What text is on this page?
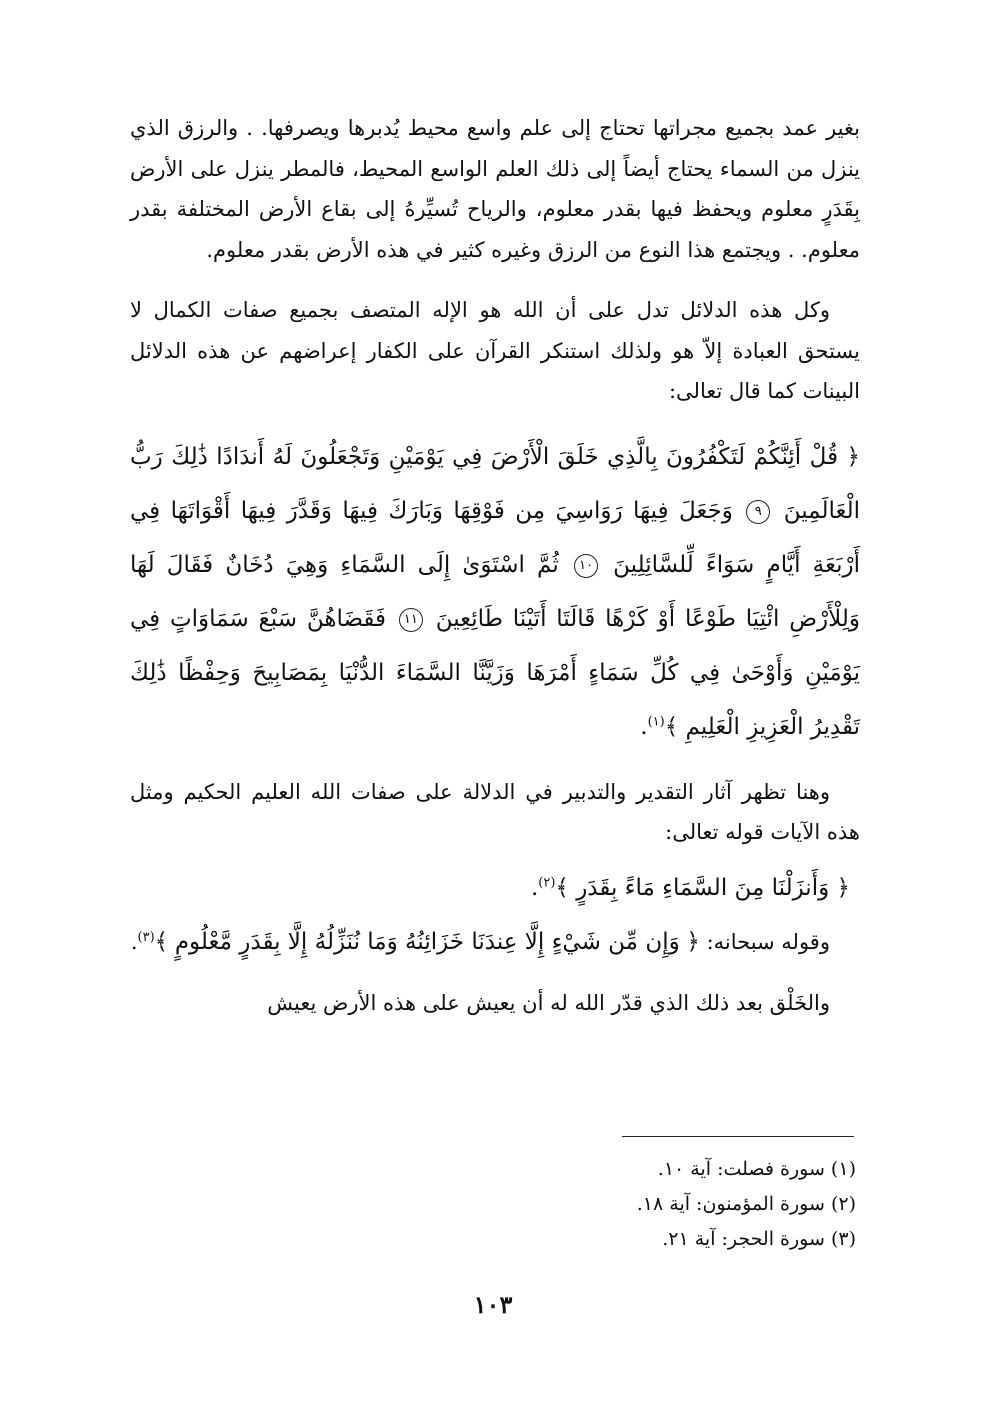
بغير عمد بجميع مجراتها تحتاج إلى علم واسع محيط يُدبرها ويصرفها. . والرزق الذي ينزل من السماء يحتاج أيضاً إلى ذلك العلم الواسع المحيط، فالمطر ينزل على الأرض بِقَدَرٍ معلوم ويحفظ فيها بقدر معلوم، والرياح تُسيِّرهُ إلى بقاع الأرض المختلفة بقدر معلوم. . ويجتمع هذا النوع من الرزق وغيره كثير في هذه الأرض بقدر معلوم.

وكل هذه الدلائل تدل على أن الله هو الإله المتصف بجميع صفات الكمال لا يستحق العبادة إلاّ هو ولذلك استنكر القرآن على الكفار إعراضهم عن هذه الدلائل البينات كما قال تعالى:

﴿ قُلْ أَئِنَّكُمْ لَتَكْفُرُونَ بِالَّذِي خَلَقَ الْأَرْضَ فِي يَوْمَيْنِ وَتَجْعَلُونَ لَهُ أَندَادًا ذَٰلِكَ رَبُّ الْعَالَمِينَ ٩ وَجَعَلَ فِيهَا رَوَاسِيَ مِن فَوْقِهَا وَبَارَكَ فِيهَا وَقَدَّرَ فِيهَا أَقْوَاتَهَا فِي أَرْبَعَةِ أَيَّامٍ سَوَاءً لِّلسَّائِلِينَ ١٠ ثُمَّ اسْتَوَىٰ إِلَى السَّمَاءِ وَهِيَ دُخَانٌ فَقَالَ لَهَا وَلِلْأَرْضِ ائْتِيَا طَوْعًا أَوْ كَرْهًا قَالَتَا أَتَيْنَا طَائِعِينَ ١١ فَقَضَاهُنَّ سَبْعَ سَمَاوَاتٍ فِي يَوْمَيْنِ وَأَوْحَىٰ فِي كُلِّ سَمَاءٍ أَمْرَهَا وَزَيَّنَّا السَّمَاءَ الدُّنْيَا بِمَصَابِيحَ وَحِفْظًا ذَٰلِكَ تَقْدِيرُ الْعَزِيزِ الْعَلِيمِ ﴾$^{(١)}$.

وهنا تظهر آثار التقدير والتدبير في الدلالة على صفات الله العليم الحكيم ومثل هذه الآيات قوله تعالى:

﴿ وَأَنزَلْنَا مِنَ السَّمَاءِ مَاءً بِقَدَرٍ ﴾$^{(٢)}$.

وقوله سبحانه: ﴿ وَإِن مِّن شَيْءٍ إِلَّا عِندَنَا خَزَائِنُهُ وَمَا نُنَزِّلُهُ إِلَّا بِقَدَرٍ مَّعْلُومٍ ﴾$^{(٣)}$.

والخَلْق بعد ذلك الذي قدّر الله له أن يعيش على هذه الأرض يعيش

(١) سورة فصلت: آية ١٠.

(٢) سورة المؤمنون: آية ١٨.

(٣) سورة الحجر: آية ٢١.

١٠٣
